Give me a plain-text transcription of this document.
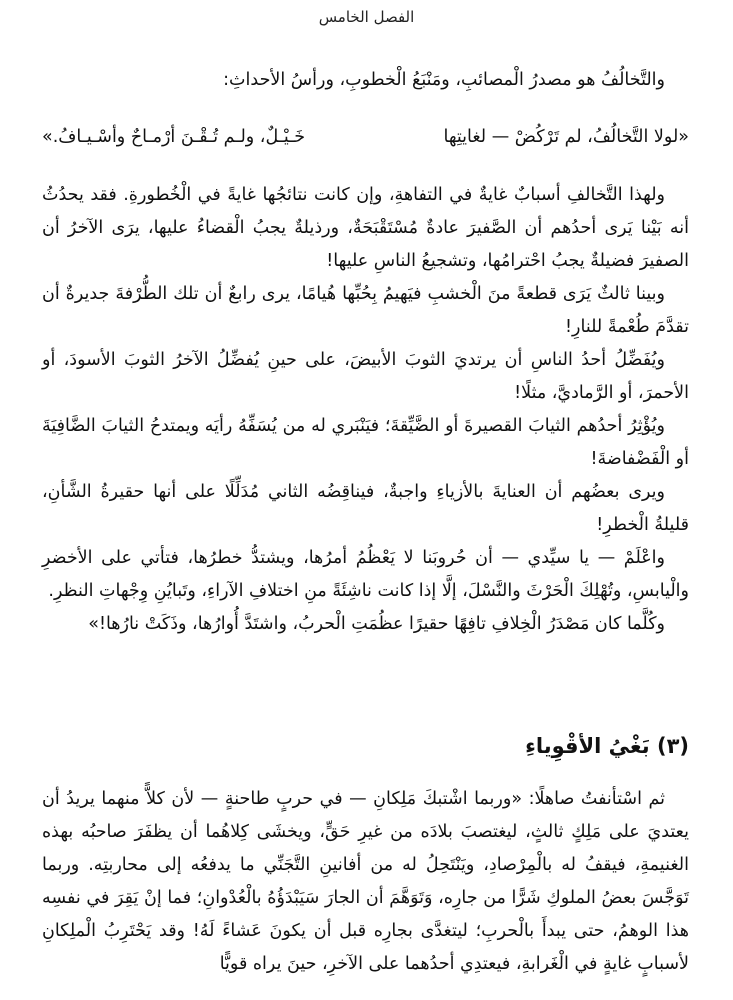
الفصل الخامس

والتَّخالُفُ هو مصدرُ الْمصائبِ، ومَنْبَعُ الْخطوبِ، ورأسُ الأحداثِ:

«لولا التَّخالُفُ، لم تَرْكُضْ — لغايتِها
خَـيْـلٌ، ولـم تُـقْـنَ أرْمـاحٌ وأسْـيـافُ.»

ولهذا التَّخالفِ أسبابٌ غايةٌ في التفاهةِ، وإن كانت نتائجُها غايةً في الْخُطورةِ. فقد يحدُثُ أنه بَيْنا يَرى أحدُهم أن الصَّفيرَ عادةٌ مُسْتَقْبَحَةٌ، ورذيلةٌ يجبُ الْقضاءُ عليها، يرَى الآخرُ أن الصفيرَ فضيلةٌ يجبُ احْترامُها، وتشجيعُ الناسِ عليها!

وبينا ثالثٌ يَرَى قطعةً منَ الْخشبِ فيَهيمُ بِحُبِّها هُيامًا، يرى رابعٌ أن تلك الطُّرْفةَ جديرةٌ أن تقدَّمَ طُعْمةً للنارِ!

ويُفَضِّلُ أحدُ الناسِ أن يرتديَ الثوبَ الأبيضَ، على حينِ يُفضِّلُ الآخرُ الثوبَ الأسودَ، أو الأحمرَ، أو الرَّماديَّ، مثلًا!

ويُؤْثِرُ أحدُهم الثيابَ القصيرةَ أو الضَّيِّقةَ؛ فيَنْبَري له من يُسَفِّهُ رأيَه ويمتدحُ الثيابَ الضَّافِيَةَ أو الْفَضْفاضةَ!

ويرى بعضُهم أن العنايةَ بالأزياءِ واجبةٌ، فيناقِضُه الثاني مُدَلِّلًا على أنها حقيرةُ الشَّأنِ، قليلةُ الْخطرِ!

واعْلَمْ — يا سيِّدي — أن حُروبَنا لا يَعْظُمُ أمرُها، ويشتدُّ خطرُها، فتأتي على الأخضرِ والْيابسِ، وتُهْلِكَ الْحَرْثَ والنَّسْلَ، إلَّا إذا كانت ناشِئَةً منِ اختلافِ الآراءِ، وتَبايُنِ وِجْهاتِ النظرِ.

وكُلَّما كان مَصْدَرُ الْخِلافِ تافِهًا حقيرًا عظُمَتِ الْحربُ، واشتَدَّ أُوارُها، وذَكَتْ نارُها!»

(٣) بَغْيُ الأقْوِياءِ

ثم اسْتأنفتُ صاهلًا: «وربما اشْتبكَ مَلِكانِ — في حربٍ طاحنةٍ — لأن كلاًّ منهما يريدُ أن يعتديَ على مَلِكٍ ثالثٍ، ليغتصبَ بلادَه من غيرِ حَقٍّ، ويخشَى كِلاهُما أن يظفَرَ صاحبُه بهذه الغنيمةِ، فيقفُ له بالْمِرْصادِ، ويَنْتَحِلُ له من أفانينِ التَّجَنِّي ما يدفعُه إلى محاربتِه. وربما تَوَجَّسَ بعضُ الملوكِ شَرًّا من جارِه، وَتَوَهَّمَ أن الجارَ سَيَبْدَؤُهُ بالْعُدْوانِ؛ فما إنْ يَقِرَ في نفسِه هذا الوهمُ، حتى يبدأَ بالْحربِ؛ ليتغدَّى بجارِه قبل أن يكونَ عَشاءً لَهُ! وقد يَحْتَرِبُ الْملِكانِ لأسبابٍ غايةٍ في الْغَرابةِ، فيعتدِي أحدُهما على الآخرِ، حينَ يراه قويًّا
